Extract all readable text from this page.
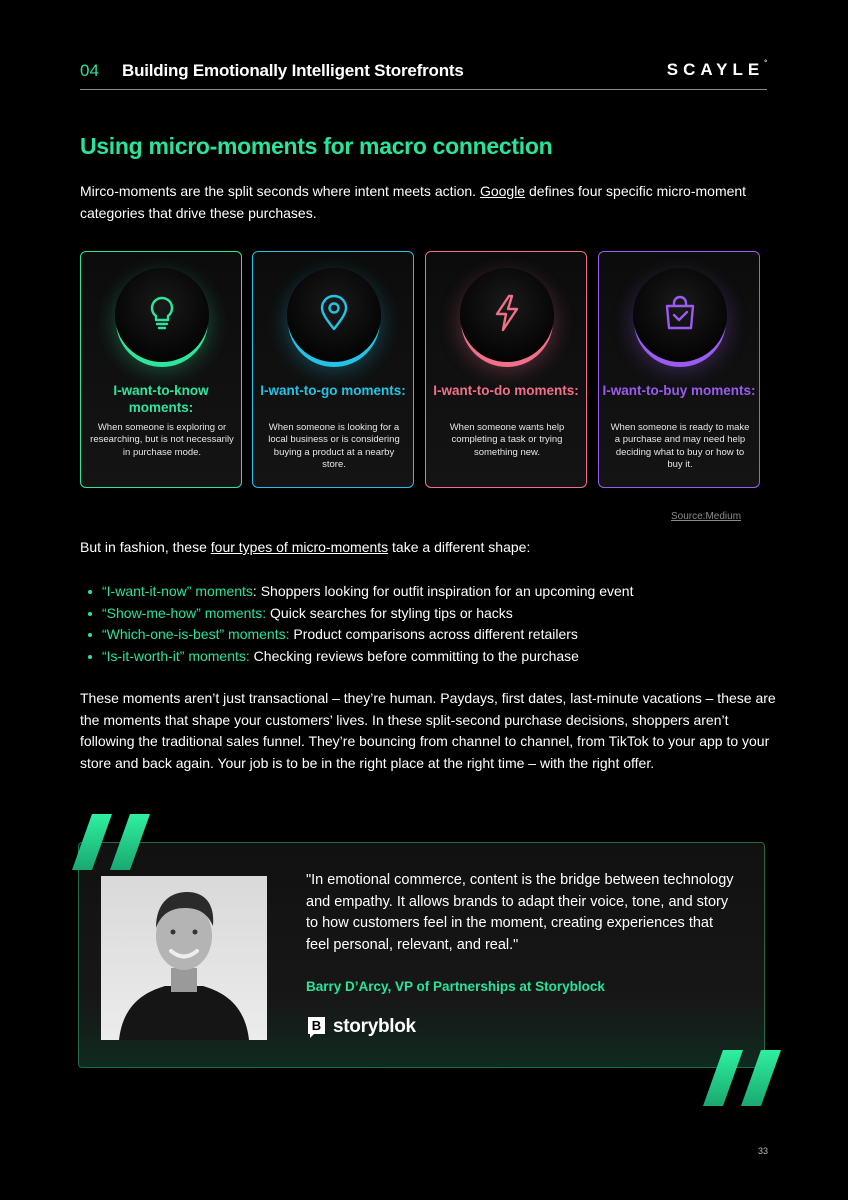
04 Building Emotionally Intelligent Storefronts	SCAYLE°
Using micro-moments for macro connection

Mirco-moments are the split seconds where intent meets action. Google defines four specific micro-moment categories that drive these purchases.

I-want-to-know moments:
When someone is exploring or researching, but is not necessarily in purchase mode.
I-want-to-go moments:
When someone is looking for a local business or is considering buying a product at a nearby store.
I-want-to-do moments:
When someone wants help completing a task or trying something new.
I-want-to-buy moments:
When someone is ready to make a purchase and may need help deciding what to buy or how to buy it.
Source:Medium

But in fashion, these four types of micro-moments take a different shape:

“I-want-it-now” moments: Shoppers looking for outfit inspiration for an upcoming event
“Show-me-how” moments: Quick searches for styling tips or hacks
“Which-one-is-best” moments: Product comparisons across different retailers
“Is-it-worth-it” moments: Checking reviews before committing to the purchase

These moments aren’t just transactional – they’re human. Paydays, first dates, last-minute vacations – these are the moments that shape your customers’ lives. In these split-second purchase decisions, shoppers aren’t following the traditional sales funnel. They’re bouncing from channel to channel, from TikTok to your app to your store and back again. Your job is to be in the right place at the right time – with the right offer.

"In emotional commerce, content is the bridge between technology and empathy. It allows brands to adapt their voice, tone, and story to how customers feel in the moment, creating experiences that feel personal, relevant, and real."

Barry D’Arcy, VP of Partnerships at Storyblock
B storyblok
33
